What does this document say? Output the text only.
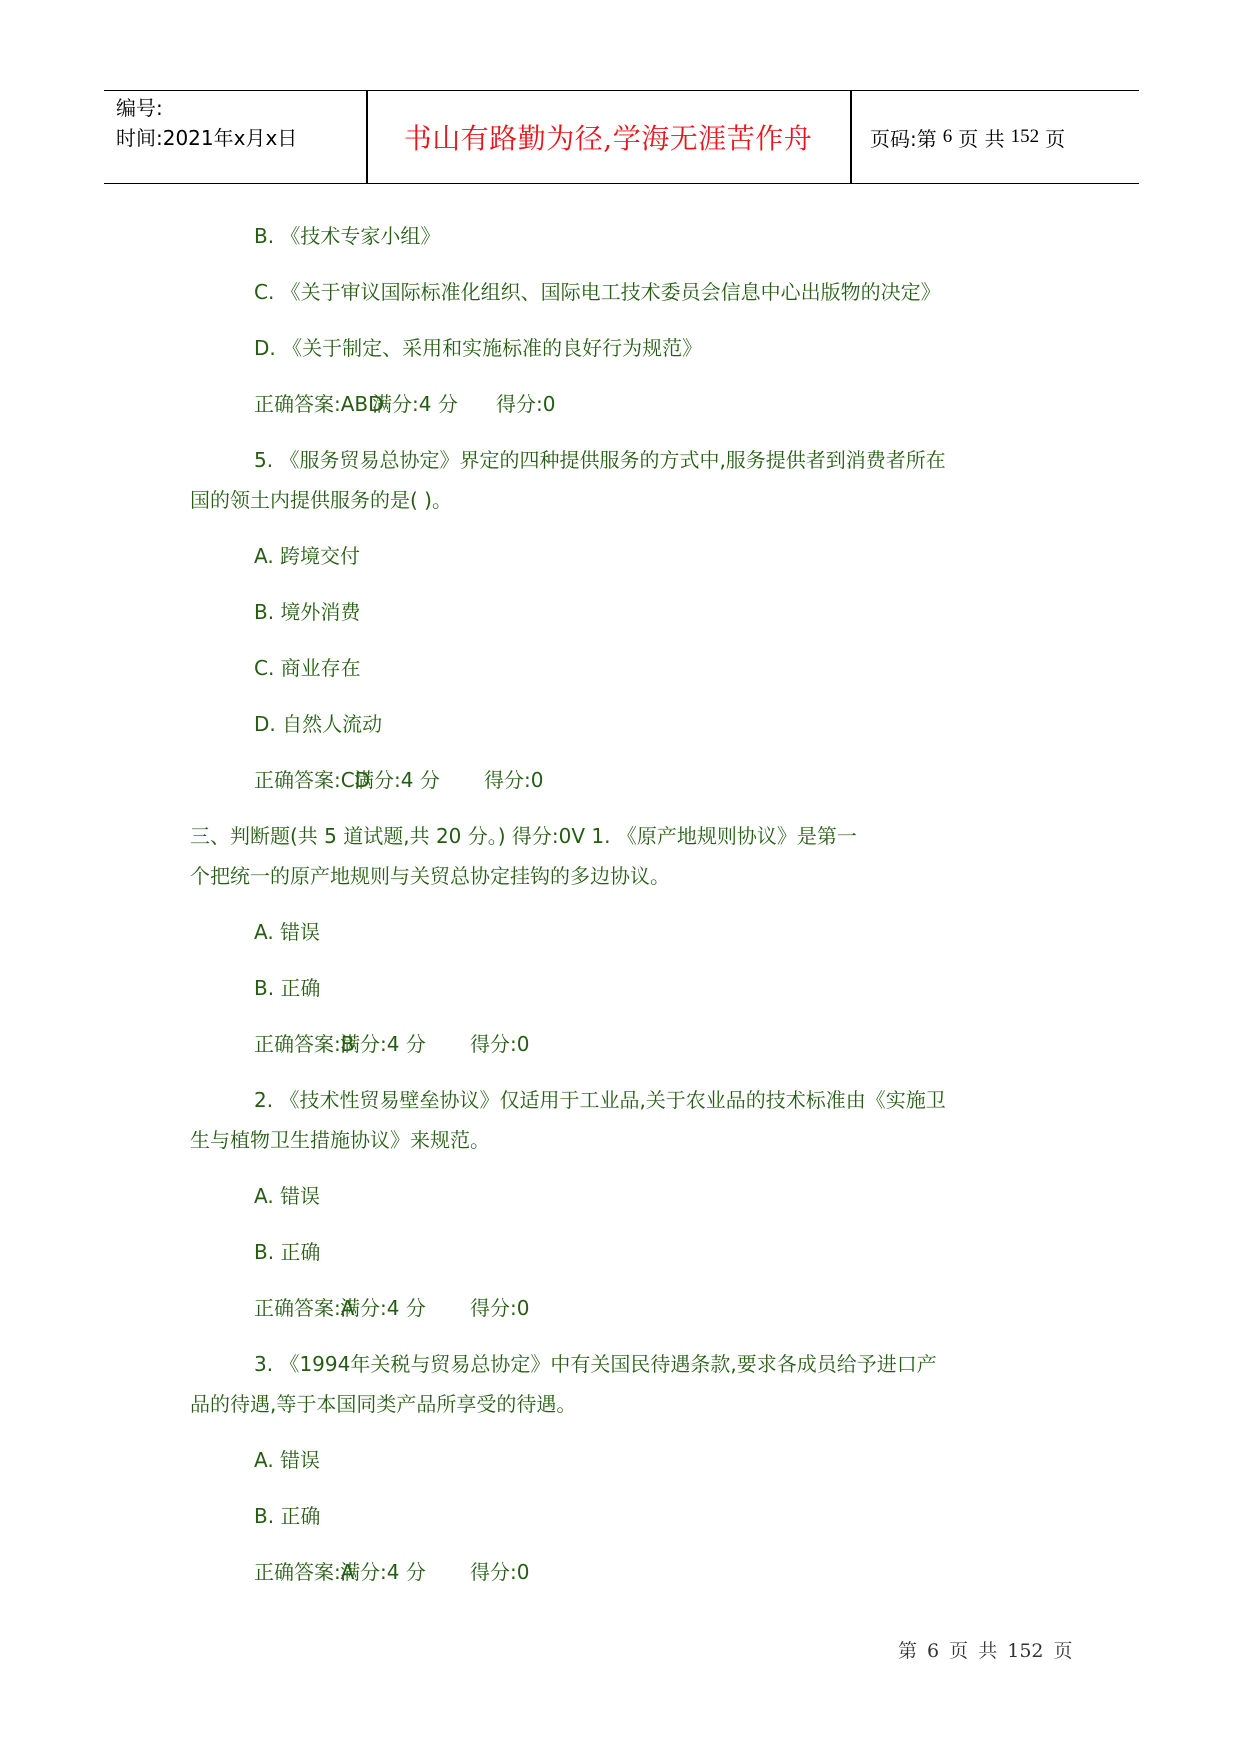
编号:
时间:2021年x月x日	书山有路勤为径,学海无涯苦作舟	页码:第 6 页 共 152 页

B. 《技术专家小组》

C. 《关于审议国际标准化组织、国际电工技术委员会信息中心出版物的决定》

D. 《关于制定、采用和实施标准的良好行为规范》

正确答案:ABD满分:4 分 得分:0

5. 《服务贸易总协定》界定的四种提供服务的方式中,服务提供者到消费者所在
国的领土内提供服务的是( )。

A. 跨境交付

B. 境外消费

C. 商业存在

D. 自然人流动

正确答案:CD满分:4 分 得分:0

三、判断题(共 5 道试题,共 20 分。) 得分:0V 1. 《原产地规则协议》是第一
个把统一的原产地规则与关贸总协定挂钩的多边协议。

A. 错误

B. 正确

正确答案:B满分:4 分 得分:0

2. 《技术性贸易壁垒协议》仅适用于工业品,关于农业品的技术标准由《实施卫
生与植物卫生措施协议》来规范。

A. 错误

B. 正确

正确答案:A满分:4 分 得分:0

3. 《1994年关税与贸易总协定》中有关国民待遇条款,要求各成员给予进口产
品的待遇,等于本国同类产品所享受的待遇。

A. 错误

B. 正确

正确答案:A满分:4 分 得分:0

第 6 页 共 152 页
